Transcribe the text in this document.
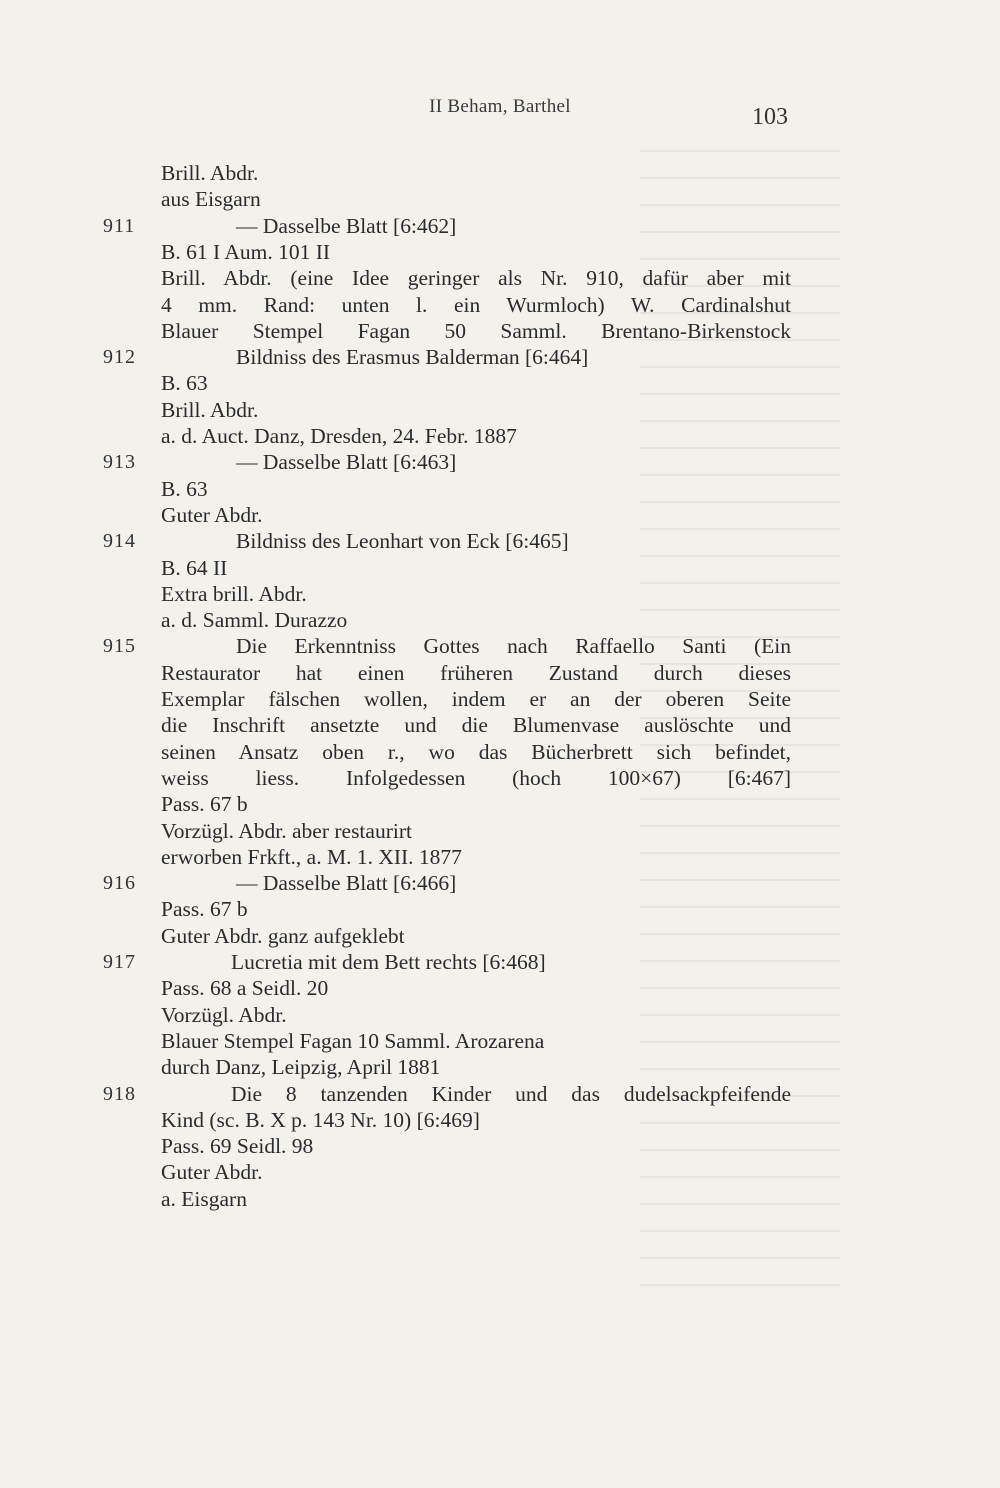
II Beham, Barthel	103
Brill. Abdr.
aus Eisgarn
911	— Dasselbe Blatt [6:462]
B. 61 I Aum. 101 II
Brill. Abdr. (eine Idee geringer als Nr. 910, dafür aber mit
4 mm. Rand: unten l. ein Wurmloch) W. Cardinalshut
Blauer Stempel Fagan 50 Samml. Brentano-Birkenstock
912	Bildniss des Erasmus Balderman [6:464]
B. 63
Brill. Abdr.
a. d. Auct. Danz, Dresden, 24. Febr. 1887
913	— Dasselbe Blatt [6:463]
B. 63
Guter Abdr.
914	Bildniss des Leonhart von Eck [6:465]
B. 64 II
Extra brill. Abdr.
a. d. Samml. Durazzo
915	Die Erkenntniss Gottes nach Raffaello Santi (Ein
Restaurator hat einen früheren Zustand durch dieses
Exemplar fälschen wollen, indem er an der oberen Seite
die Inschrift ansetzte und die Blumenvase auslöschte und
seinen Ansatz oben r., wo das Bücherbrett sich befindet,
weiss liess. Infolgedessen (hoch 100×67) [6:467]
Pass. 67 b
Vorzügl. Abdr. aber restaurirt
erworben Frkft., a. M. 1. XII. 1877
916	— Dasselbe Blatt [6:466]
Pass. 67 b
Guter Abdr. ganz aufgeklebt
917	Lucretia mit dem Bett rechts [6:468]
Pass. 68 a Seidl. 20
Vorzügl. Abdr.
Blauer Stempel Fagan 10 Samml. Arozarena
durch Danz, Leipzig, April 1881
918	Die 8 tanzenden Kinder und das dudelsackpfeifende
Kind (sc. B. X p. 143 Nr. 10) [6:469]
Pass. 69 Seidl. 98
Guter Abdr.
a. Eisgarn
